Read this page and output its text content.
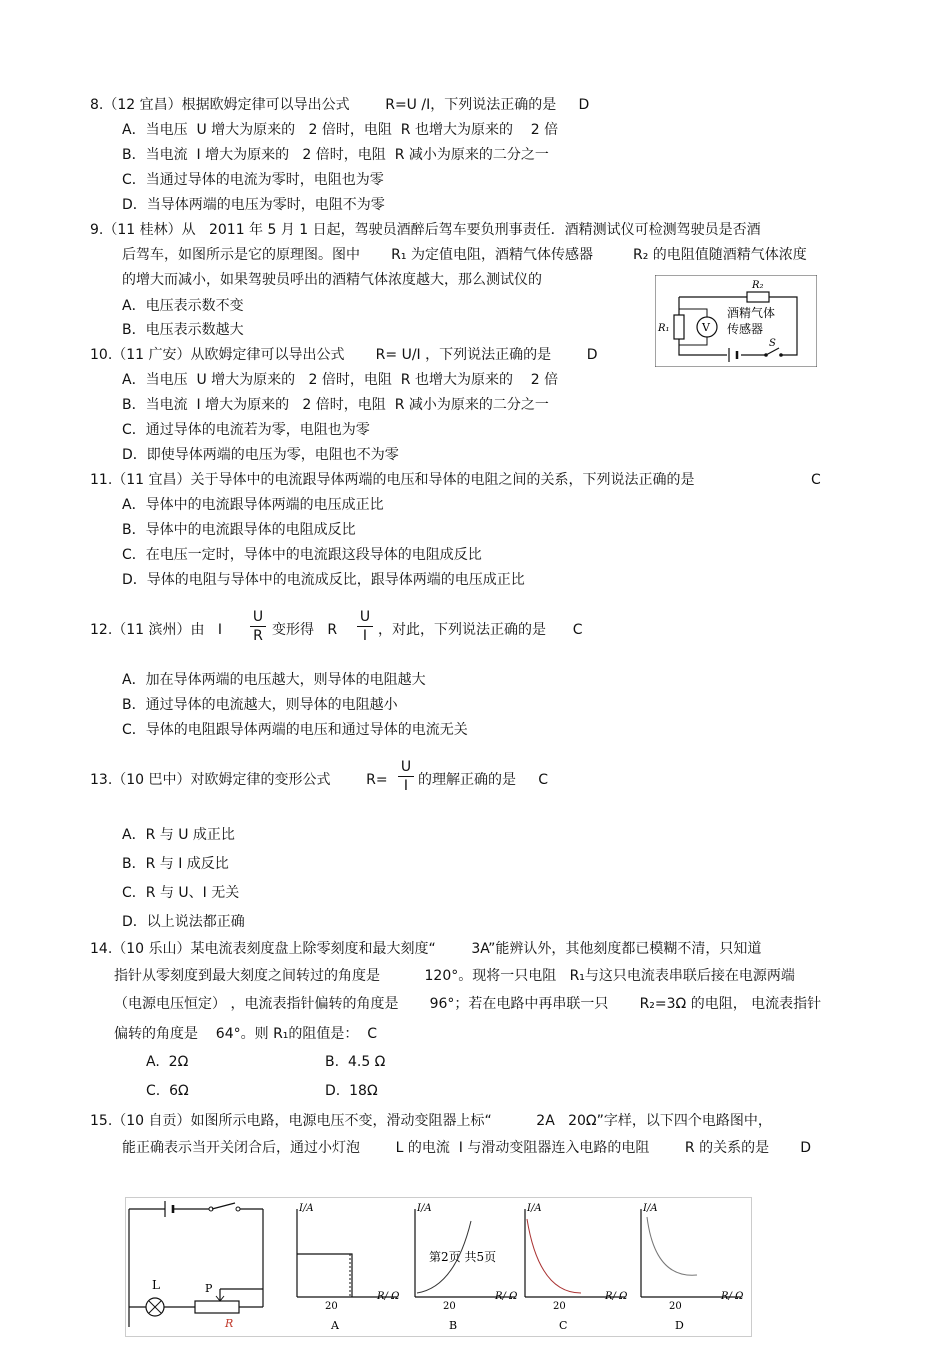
8.（12 宜昌）根据欧姆定律可以导出公式        R=U /I，下列说法正确的是     D
A．当电压  U 增大为原来的   2 倍时，电阻  R 也增大为原来的    2 倍
B．当电流  I 增大为原来的   2 倍时，电阻  R 减小为原来的二分之一
C．当通过导体的电流为零时，电阻也为零
D．当导体两端的电压为零时，电阻不为零
9.（11 桂林）从   2011 年 5 月 1 日起，驾驶员酒醉后驾车要负刑事责任．酒精测试仪可检测驾驶员是否酒
后驾车，如图所示是它的原理图。图中       R₁ 为定值电阻，酒精气体传感器         R₂ 的电阻值随酒精气体浓度
的增大而减小，如果驾驶员呼出的酒精气体浓度越大，那么测试仪的
A．电压表示数不变
B．电压表示数越大
R₂
R₁	V
酒精气体
传感器
S
10.（11 广安）从欧姆定律可以导出公式       R= U/I ，下列说法正确的是        D
A．当电压  U 增大为原来的   2 倍时，电阻  R 也增大为原来的    2 倍
B．当电流  I 增大为原来的   2 倍时，电阻  R 减小为原来的二分之一
C．通过导体的电流若为零，电阻也为零
D．即使导体两端的电压为零，电阻也不为零
11.（11 宜昌）关于导体中的电流跟导体两端的电压和导体的电阻之间的关系，下列说法正确的是	C
A．导体中的电流跟导体两端的电压成正比
B．导体中的电流跟导体的电阻成反比
C．在电压一定时，导体中的电流跟这段导体的电阻成反比
D．导体的电阻与导体中的电流成反比，跟导体两端的电压成正比
12.（11 滨州）由   I
U
R 变形得   R
U
I ，对此，下列说法正确的是      C
A．加在导体两端的电压越大，则导体的电阻越大
B．通过导体的电流越大，则导体的电阻越小
C．导体的电阻跟导体两端的电压和通过导体的电流无关
13.（10 巴中）对欧姆定律的变形公式        R=
U
I 的理解正确的是     C
A．R 与 U 成正比
B．R 与 I 成反比
C．R 与 U、I 无关
D．以上说法都正确
14.（10 乐山）某电流表刻度盘上除零刻度和最大刻度“        3A”能辨认外，其他刻度都已模糊不清，只知道
指针从零刻度到最大刻度之间转过的角度是          120°。现将一只电阻   R₁与这只电流表串联后接在电源两端
（电源电压恒定） ，电流表指针偏转的角度是       96°；若在电路中再串联一只       R₂=3Ω 的电阻， 电流表指针
偏转的角度是    64°。则 R₁的阻值是：  C
A.  2Ω	B.  4.5 Ω
C.  6Ω	D.  18Ω
15.（10 自贡）如图所示电路，电源电压不变，滑动变阻器上标“          2A   20Ω”字样，以下四个电路图中，
能正确表示当开关闭合后，通过小灯泡        L 的电流  I 与滑动变阻器连入电路的电阻        R 的关系的是       D
L	P
R
I/A
R/ Ω
20
A
I/A
R/ Ω
20
B
I/A
R/ Ω
20
C
I/A
R/ Ω
20
D
第2页 共5页
